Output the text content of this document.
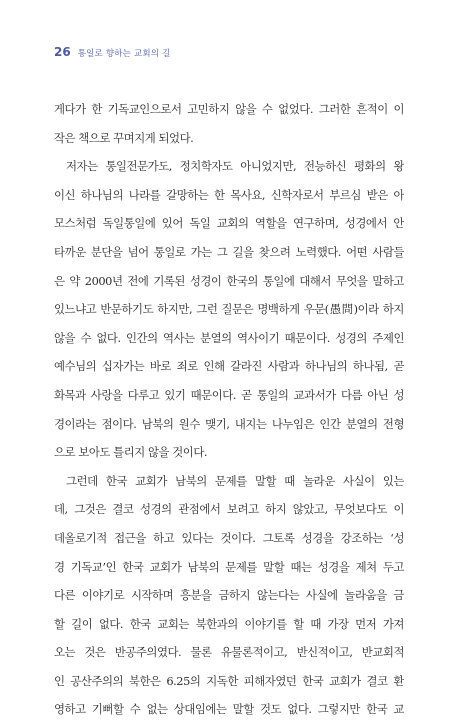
26 통일로 향하는 교회의 길
게다가 한 기독교인으로서 고민하지 않을 수 없었다. 그러한 흔적이 이
작은 책으로 꾸며지게 되었다.
저자는 통일전문가도, 정치학자도 아니었지만, 전능하신 평화의 왕
이신 하나님의 나라를 갈망하는 한 목사요, 신학자로서 부르심 받은 아
모스처럼 독일통일에 있어 독일 교회의 역할을 연구하며, 성경에서 안
타까운 분단을 넘어 통일로 가는 그 길을 찾으려 노력했다. 어떤 사람들
은 약 2000년 전에 기록된 성경이 한국의 통일에 대해서 무엇을 말하고
있느냐고 반문하기도 하지만, 그런 질문은 명백하게 우문(愚問)이라 하지
않을 수 없다. 인간의 역사는 분열의 역사이기 때문이다. 성경의 주제인
예수님의 십자가는 바로 죄로 인해 갈라진 사람과 하나님의 하나됨, 곧
화목과 사랑을 다루고 있기 때문이다. 곧 통일의 교과서가 다름 아닌 성
경이라는 점이다. 남북의 원수 맺기, 내지는 나누임은 인간 분열의 전형
으로 보아도 틀리지 않을 것이다.
그런데 한국 교회가 남북의 문제를 말할 때 놀라운 사실이 있는
데, 그것은 결코 성경의 관점에서 보려고 하지 않았고, 무엇보다도 이
데올로기적 접근을 하고 있다는 것이다. 그토록 성경을 강조하는 ‘성
경 기독교’인 한국 교회가 남북의 문제를 말할 때는 성경을 제쳐 두고
다른 이야기로 시작하며 흥분을 금하지 않는다는 사실에 놀라움을 금
할 길이 없다. 한국 교회는 북한과의 이야기를 할 때 가장 먼저 가져
오는 것은 반공주의였다. 물론 유물론적이고, 반신적이고, 반교회적
인 공산주의의 북한은 6.25의 지독한 피해자였던 한국 교회가 결코 환
영하고 기뻐할 수 없는 상대임에는 말할 것도 없다. 그렇지만 한국 교
